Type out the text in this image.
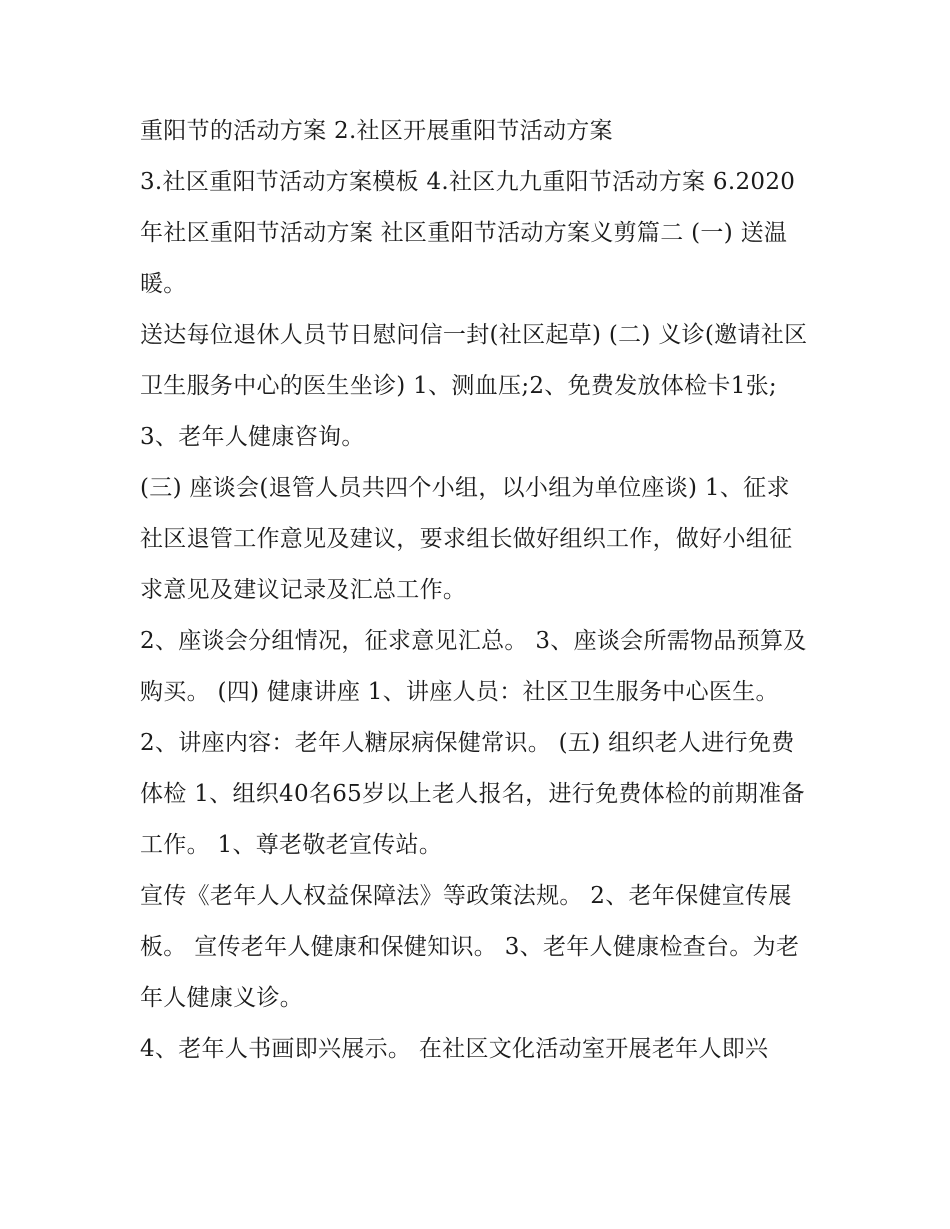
重阳节的活动方案 2.社区开展重阳节活动方案

3.社区重阳节活动方案模板 4.社区九九重阳节活动方案 6.2020年社区重阳节活动方案 社区重阳节活动方案义剪篇二 (一) 送温暖。

送达每位退休人员节日慰问信一封(社区起草) (二) 义诊(邀请社区卫生服务中心的医生坐诊) 1、测血压;2、免费发放体检卡1张; 3、老年人健康咨询。

(三) 座谈会(退管人员共四个小组，以小组为单位座谈) 1、征求社区退管工作意见及建议，要求组长做好组织工作，做好小组征求意见及建议记录及汇总工作。

2、座谈会分组情况，征求意见汇总。 3、座谈会所需物品预算及购买。 (四) 健康讲座 1、讲座人员：社区卫生服务中心医生。

2、讲座内容：老年人糖尿病保健常识。 (五) 组织老人进行免费体检 1、组织40名65岁以上老人报名，进行免费体检的前期准备工作。 1、尊老敬老宣传站。

宣传《老年人人权益保障法》等政策法规。 2、老年保健宣传展板。 宣传老年人健康和保健知识。 3、老年人健康检查台。为老年人健康义诊。

4、老年人书画即兴展示。 在社区文化活动室开展老年人即兴
